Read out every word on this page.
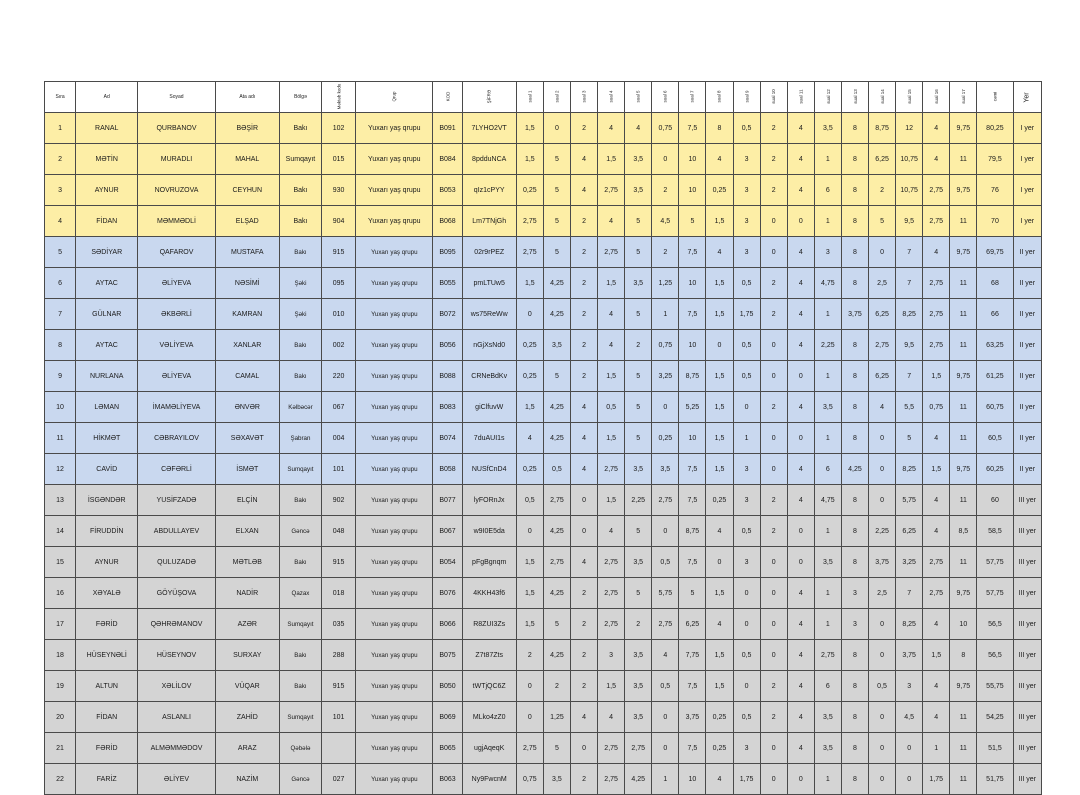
Sıra	Ad	Soyad	Ata adı	Bölgə	Məktəb kodu	Qrup	KOD	ŞİFRƏ	sual 1	sual 2	sual 3	sual 4	sual 5	sual 6	sual 7	sual 8	sual 9	sual 10	sual 11	sual 12	sual 13	sual 14	sual 15	sual 16	sual 17	cəmi	Yer
1	RANAL	QURBANOV	BƏŞİR	Bakı	102	Yuxarı yaş qrupu	B091	7LYHO2VT	1,5	0	2	4	4	0,75	7,5	8	0,5	2	4	3,5	8	8,75	12	4	9,75	80,25	I yer
2	MƏTİN	MURADLI	MAHAL	Sumqayıt	015	Yuxarı yaş qrupu	B084	8pdduNCA	1,5	5	4	1,5	3,5	0	10	4	3	2	4	1	8	6,25	10,75	4	11	79,5	I yer
3	AYNUR	NOVRUZOVA	CEYHUN	Bakı	930	Yuxarı yaş qrupu	B053	qIz1cPYY	0,25	5	4	2,75	3,5	2	10	0,25	3	2	4	6	8	2	10,75	2,75	9,75	76	I yer
4	FİDAN	MƏMMƏDLİ	ELŞAD	Bakı	904	Yuxarı yaş qrupu	B068	Lm7TNjGh	2,75	5	2	4	5	4,5	5	1,5	3	0	0	1	8	5	9,5	2,75	11	70	I yer
5	SƏDİYAR	QAFAROV	MUSTAFA	Bakı	915	Yuxarı yaş qrupu	B095	02r9rPEZ	2,75	5	2	2,75	5	2	7,5	4	3	0	4	3	8	0	7	4	9,75	69,75	II yer
6	AYTAC	ƏLİYEVA	NƏSİMİ	Şəki	095	Yuxarı yaş qrupu	B055	pmLTUw5	1,5	4,25	2	1,5	3,5	1,25	10	1,5	0,5	2	4	4,75	8	2,5	7	2,75	11	68	II yer
7	GÜLNAR	ƏKBƏRLİ	KAMRAN	Şəki	010	Yuxarı yaş qrupu	B072	ws75ReWw	0	4,25	2	4	5	1	7,5	1,5	1,75	2	4	1	3,75	6,25	8,25	2,75	11	66	II yer
8	AYTAC	VƏLİYEVA	XANLAR	Bakı	002	Yuxarı yaş qrupu	B056	nGjXsNd0	0,25	3,5	2	4	2	0,75	10	0	0,5	0	4	2,25	8	2,75	9,5	2,75	11	63,25	II yer
9	NURLANA	ƏLİYEVA	CAMAL	Bakı	220	Yuxarı yaş qrupu	B088	CRNeBdKv	0,25	5	2	1,5	5	3,25	8,75	1,5	0,5	0	0	1	8	6,25	7	1,5	9,75	61,25	II yer
10	LƏMAN	İMAMƏLİYEVA	ƏNVƏR	Kəlbəcər	067	Yuxarı yaş qrupu	B083	giClfuvW	1,5	4,25	4	0,5	5	0	5,25	1,5	0	2	4	3,5	8	4	5,5	0,75	11	60,75	II yer
11	HİKMƏT	CƏBRAYILOV	SƏXAVƏT	Şabran	004	Yuxarı yaş qrupu	B074	7duAUI1s	4	4,25	4	1,5	5	0,25	10	1,5	1	0	0	1	8	0	5	4	11	60,5	II yer
12	CAVİD	CƏFƏRLİ	İSMƏT	Sumqayıt	101	Yuxarı yaş qrupu	B058	NUSfCnD4	0,25	0,5	4	2,75	3,5	3,5	7,5	1,5	3	0	4	6	4,25	0	8,25	1,5	9,75	60,25	II yer
13	İSGƏNDƏR	YUSİFZADƏ	ELÇİN	Bakı	902	Yuxarı yaş qrupu	B077	lyFORnJx	0,5	2,75	0	1,5	2,25	2,75	7,5	0,25	3	2	4	4,75	8	0	5,75	4	11	60	III yer
14	FİRUDDİN	ABDULLAYEV	ELXAN	Gəncə	048	Yuxarı yaş qrupu	B067	w9I0E5da	0	4,25	0	4	5	0	8,75	4	0,5	2	0	1	8	2,25	6,25	4	8,5	58,5	III yer
15	AYNUR	QULUZADƏ	MƏTLƏB	Bakı	915	Yuxarı yaş qrupu	B054	pFgBgnqm	1,5	2,75	4	2,75	3,5	0,5	7,5	0	3	0	0	3,5	8	3,75	3,25	2,75	11	57,75	III yer
16	XƏYALƏ	GÖYÜŞOVA	NADİR	Qazax	018	Yuxarı yaş qrupu	B076	4KKH43f6	1,5	4,25	2	2,75	5	5,75	5	1,5	0	0	4	1	3	2,5	7	2,75	9,75	57,75	III yer
17	FƏRİD	QƏHRƏMANOV	AZƏR	Sumqayıt	035	Yuxarı yaş qrupu	B066	R8ZUI3Zs	1,5	5	2	2,75	2	2,75	6,25	4	0	0	4	1	3	0	8,25	4	10	56,5	III yer
18	HÜSEYNƏLİ	HÜSEYNOV	SURXAY	Bakı	288	Yuxarı yaş qrupu	B075	Z7t87Zts	2	4,25	2	3	3,5	4	7,75	1,5	0,5	0	4	2,75	8	0	3,75	1,5	8	56,5	III yer
19	ALTUN	XƏLİLOV	VÜQAR	Bakı	915	Yuxarı yaş qrupu	B050	tWTjQC6Z	0	2	2	1,5	3,5	0,5	7,5	1,5	0	2	4	6	8	0,5	3	4	9,75	55,75	III yer
20	FİDAN	ASLANLI	ZAHİD	Sumqayıt	101	Yuxarı yaş qrupu	B069	MLko4zZ0	0	1,25	4	4	3,5	0	3,75	0,25	0,5	2	4	3,5	8	0	4,5	4	11	54,25	III yer
21	FƏRİD	ALMƏMMƏDOV	ARAZ	Qəbələ		Yuxarı yaş qrupu	B065	ugjAqeqK	2,75	5	0	2,75	2,75	0	7,5	0,25	3	0	4	3,5	8	0	0	1	11	51,5	III yer
22	FARİZ	ƏLİYEV	NAZİM	Gəncə	027	Yuxarı yaş qrupu	B063	Ny9FwcnM	0,75	3,5	2	2,75	4,25	1	10	4	1,75	0	0	1	8	0	0	1,75	11	51,75	III yer
